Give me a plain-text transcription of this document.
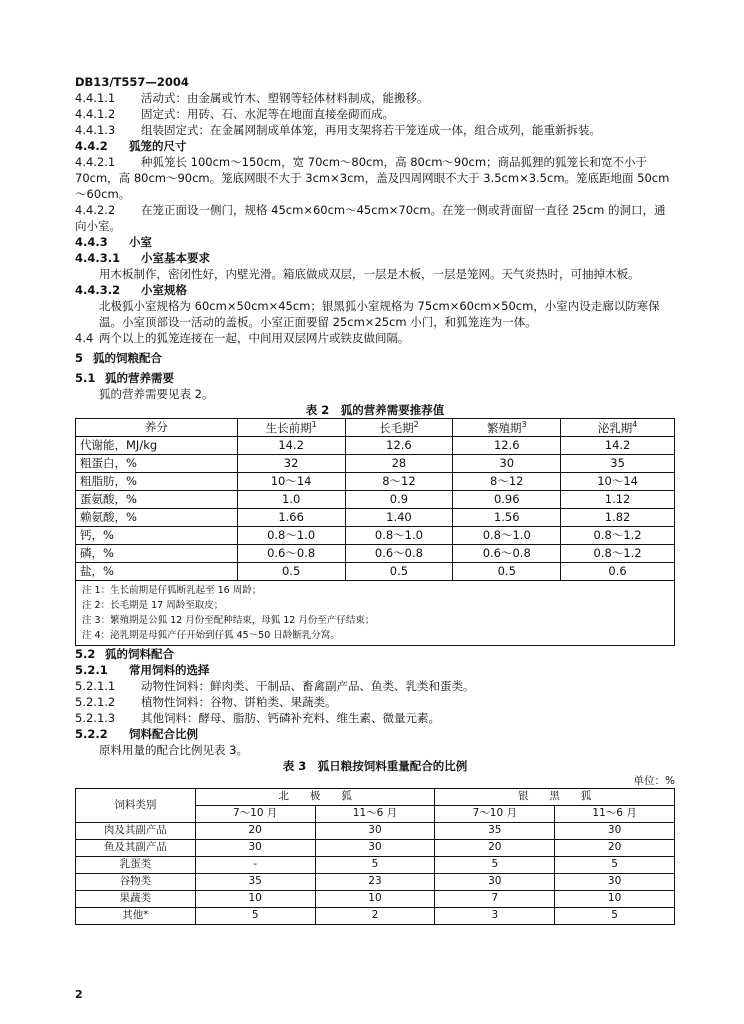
DB13/T557—2004
4.4.1.1 活动式：由金属或竹木、塑钢等轻体材料制成，能搬移。
4.4.1.2 固定式：用砖、石、水泥等在地面直接垒砌而成。
4.4.1.3 组装固定式：在金属网制成单体笼，再用支架将若干笼连成一体，组合成列，能重新拆装。
4.4.2 狐笼的尺寸
4.4.2.1 种狐笼长 100cm～150cm，宽 70cm～80cm，高 80cm～90cm；商品狐狸的狐笼长和宽不小于 70cm，高 80cm～90cm。笼底网眼不大于 3cm×3cm，盖及四周网眼不大于 3.5cm×3.5cm。笼底距地面 50cm～60cm。
4.4.2.2 在笼正面设一侧门，规格 45cm×60cm～45cm×70cm。在笼一侧或背面留一直径 25cm 的洞口，通向小室。
4.4.3 小室
4.4.3.1 小室基本要求
用木板制作，密闭性好，内壁光滑。箱底做成双层，一层是木板，一层是笼网。天气炎热时，可抽掉木板。
4.4.3.2 小室规格
北极狐小室规格为 60cm×50cm×45cm；银黑狐小室规格为 75cm×60cm×50cm，小室内设走廊以防寒保温。小室顶部设一活动的盖板。小室正面要留 25cm×25cm 小门，和狐笼连为一体。
4.4 两个以上的狐笼连接在一起，中间用双层网片或铁皮做间隔。
5 狐的饲粮配合
5.1 狐的营养需要
狐的营养需要见表 2。
表 2　狐的营养需要推荐值
养分	生长前期$^1$	长毛期$^2$	繁殖期$^3$	泌乳期$^4$
代谢能，MJ/kg	14.2	12.6	12.6	14.2
粗蛋白，%	32	28	30	35
粗脂肪，%	10～14	8～12	8～12	10～14
蛋氨酸，%	1.0	0.9	0.96	1.12
赖氨酸，%	1.66	1.40	1.56	1.82
钙，%	0.8～1.0	0.8～1.0	0.8～1.0	0.8～1.2
磷，%	0.6～0.8	0.6～0.8	0.6～0.8	0.8～1.2
盐，%	0.5	0.5	0.5	0.6

注 1：生长前期是仔狐断乳起至 16 周龄；
注 2：长毛期是 17 周龄至取皮；
注 3：繁殖期是公狐 12 月份至配种结束，母狐 12 月份至产仔结束；
注 4：泌乳期是母狐产仔开始到仔狐 45～50 日龄断乳分窝。				
5.2 狐的饲料配合
5.2.1 常用饲料的选择
5.2.1.1 动物性饲料：鲜肉类、干制品、畜禽副产品、鱼类、乳类和蛋类。
5.2.1.2 植物性饲料：谷物、饼粕类、果蔬类。
5.2.1.3 其他饲料：酵母、脂肪、钙磷补充料、维生素、微量元素。
5.2.2 饲料配合比例
原料用量的配合比例见表 3。
表 3　狐日粮按饲料重量配合的比例
单位：%
饲料类别	北　　极　　狐		银　　黑　　狐	
	7～10 月	11～6 月	7～10 月	11～6 月
肉及其副产品	20	30	35	30
鱼及其副产品	30	30	20	20
乳蛋类	-	5	5	5
谷物类	35	23	30	30
果蔬类	10	10	7	10
其他*	5	2	3	5
2
